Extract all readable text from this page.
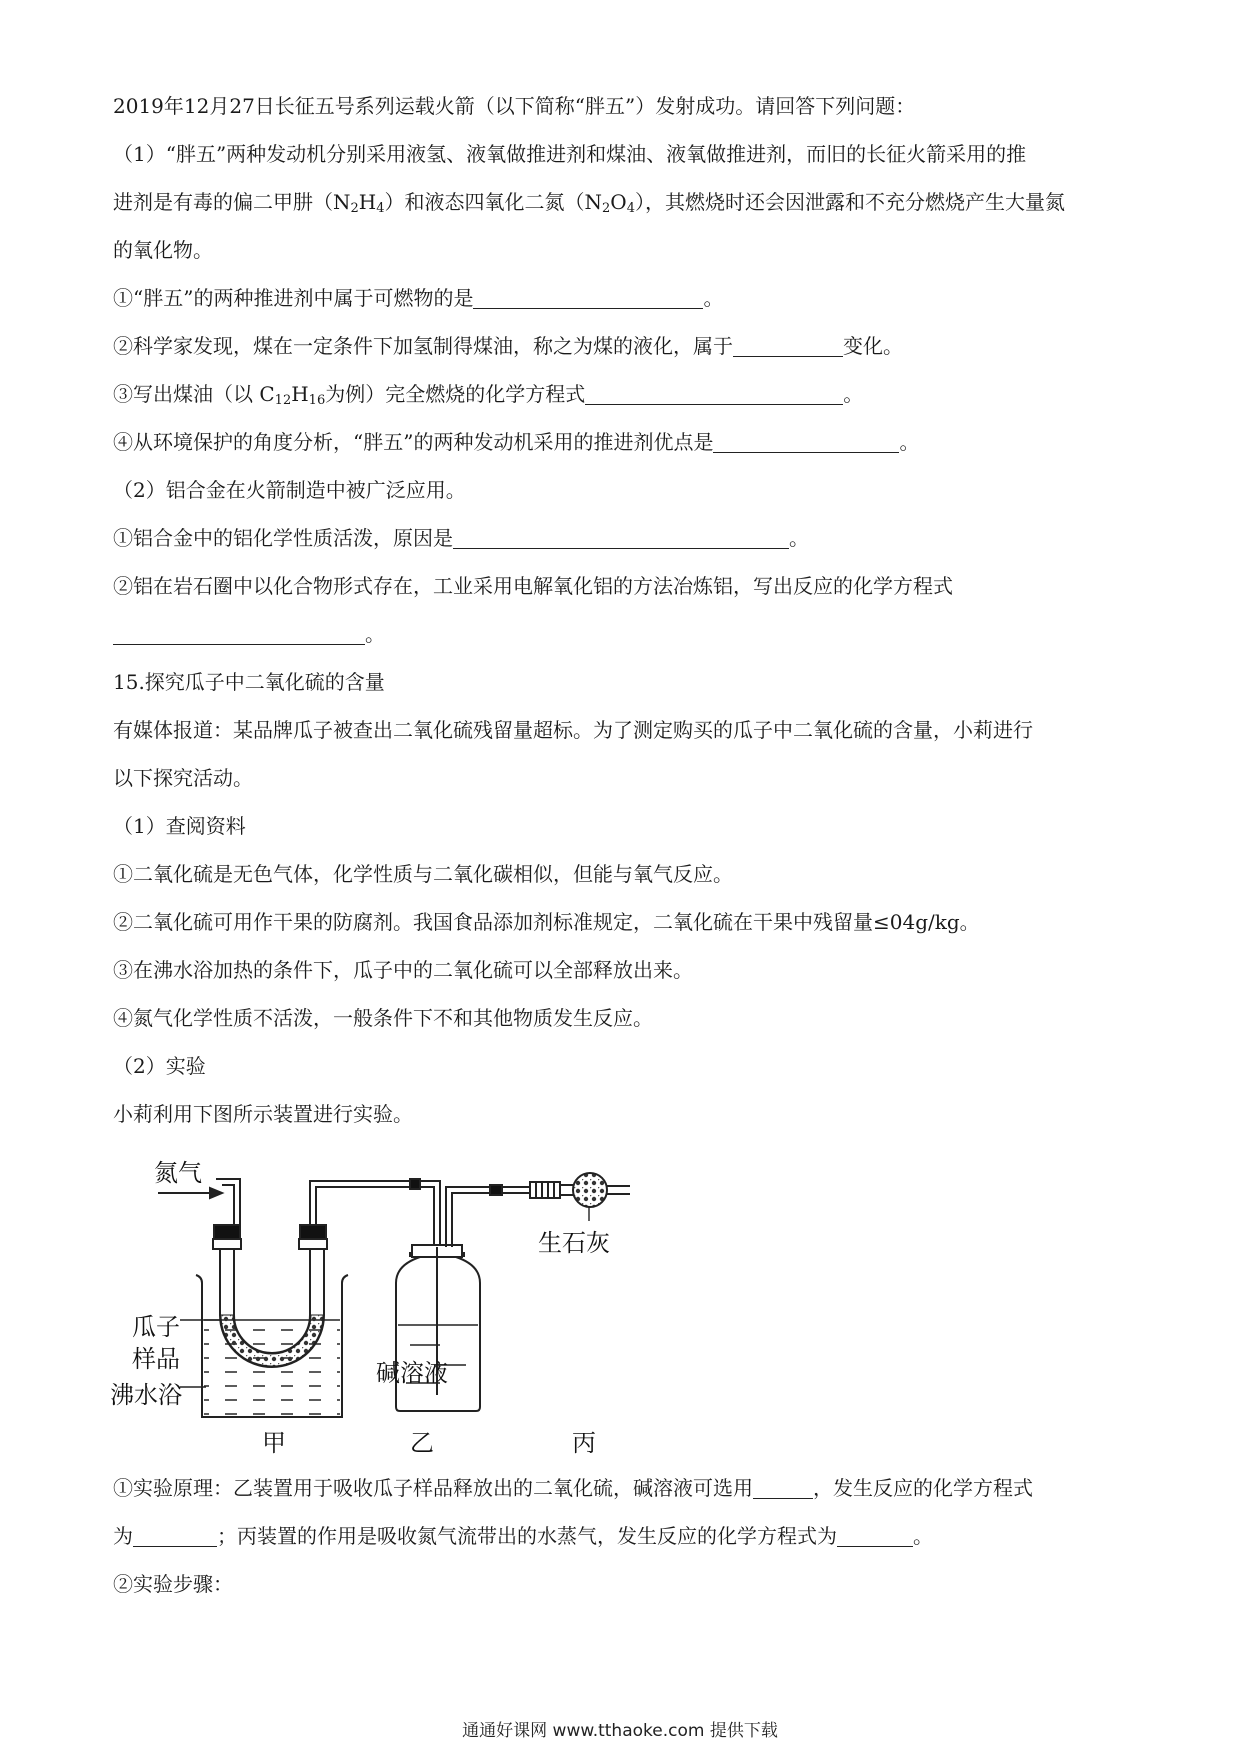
2019年12月27日长征五号系列运载火箭（以下简称“胖五”）发射成功。请回答下列问题：
（1）“胖五”两种发动机分别采用液氢、液氧做推进剂和煤油、液氧做推进剂，而旧的长征火箭采用的推
进剂是有毒的偏二甲肼$(N_2H_4)$和液态四氧化二氮$(N_2O_4)$，其燃烧时还会因泄露和不充分燃烧产生大量氮
的氧化物。
①“胖五”的两种推进剂中属于可燃物的是	。
②科学家发现，煤在一定条件下加氢制得煤油，称之为煤的液化，属于	变化。
③写出煤油（以 $C_{12}H_{16}$为例）完全燃烧的化学方程式	。
④从环境保护的角度分析，“胖五”的两种发动机采用的推进剂优点是	。
（2）铝合金在火箭制造中被广泛应用。
①铝合金中的铝化学性质活泼，原因是	。
②铝在岩石圈中以化合物形式存在，工业采用电解氧化铝的方法冶炼铝，写出反应的化学方程式
。
15.探究瓜子中二氧化硫的含量
有媒体报道：某品牌瓜子被查出二氧化硫残留量超标。为了测定购买的瓜子中二氧化硫的含量，小莉进行
以下探究活动。
（1）查阅资料
①二氧化硫是无色气体，化学性质与二氧化碳相似，但能与氧气反应。
②二氧化硫可用作干果的防腐剂。我国食品添加剂标准规定，二氧化硫在干果中残留量≤04g/kg。
③在沸水浴加热的条件下，瓜子中的二氧化硫可以全部释放出来。
④氮气化学性质不活泼，一般条件下不和其他物质发生反应。
（2）实验
小莉利用下图所示装置进行实验。
氮气
生石灰
瓜子
样品	碱溶液
沸水浴
甲	乙	丙
①实验原理：乙装置用于吸收瓜子样品释放出的二氧化硫，碱溶液可选用	，发生反应的化学方程式
为	；丙装置的作用是吸收氮气流带出的水蒸气，发生反应的化学方程式为	。
②实验步骤：
通通好课网 www.tthaoke.com 提供下载
